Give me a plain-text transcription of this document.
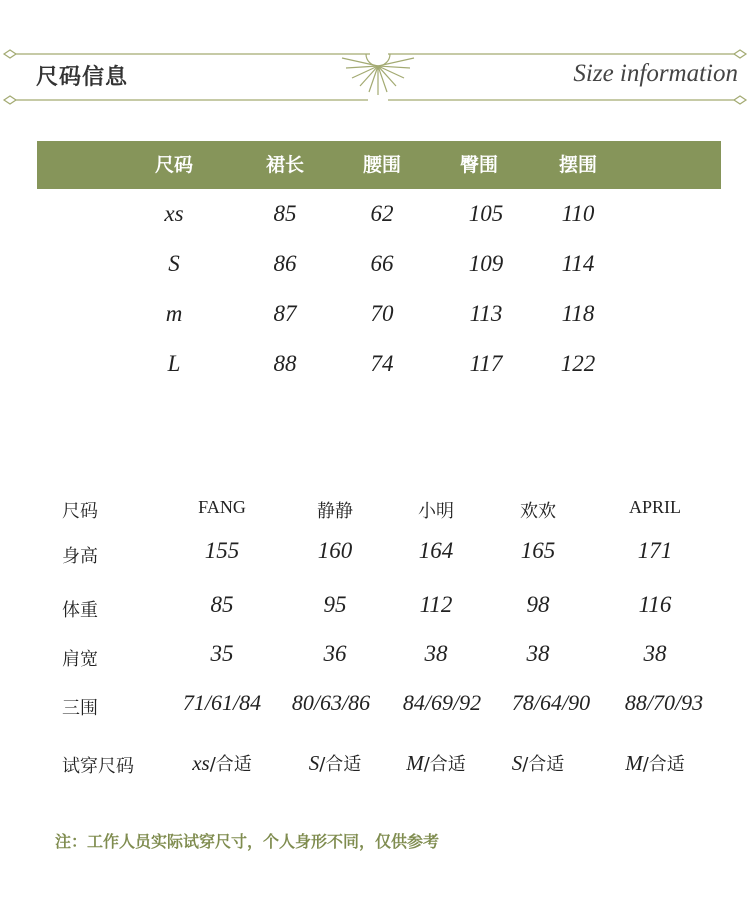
尺码信息	Size information
尺码	裙长	腰围	臀围	摆围
xs	85	62	105	110
S	86	66	109	114
m	87	70	113	118
L	88	74	117	122
尺码	FANG	静静	小明	欢欢	APRIL
身高	155	160	164	165	171
体重	85	95	112	98	116
肩宽	35	36	38	38	38
三围	71/61/84	80/63/86	84/69/92	78/64/90	88/70/93
试穿尺码	xs/合适	S/合适	M/合适	S/合适	M/合适
注：工作人员实际试穿尺寸，个人身形不同，仅供参考
